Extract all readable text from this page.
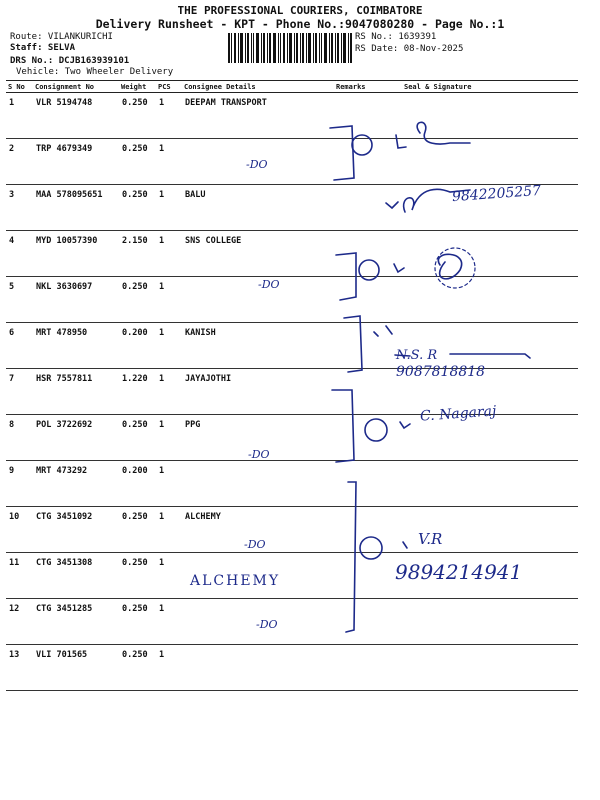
THE PROFESSIONAL COURIERS, COIMBATORE
Delivery Runsheet - KPT - Phone No.:9047080280 - Page No.:1
Route: VILANKURICHI
Staff: SELVA
DRS No.: DCJB163939101
Vehicle: Two Wheeler Delivery
RS No.: 1639391
RS Date: 08-Nov-2025
S No	Consignment No	Weight	PCS	Consignee Details	Remarks	Seal & Signature
1	VLR 5194748	0.250	1	DEEPAM TRANSPORT		
2	TRP 4679349	0.250	1			
3	MAA 578095651	0.250	1	BALU		
4	MYD 10057390	2.150	1	SNS COLLEGE		
5	NKL 3630697	0.250	1			
6	MRT 478950	0.200	1	KANISH		
7	HSR 7557811	1.220	1	JAYAJOTHI		
8	POL 3722692	0.250	1	PPG		
9	MRT 473292	0.200	1			
10	CTG 3451092	0.250	1	ALCHEMY		
11	CTG 3451308	0.250	1			
12	CTG 3451285	0.250	1			
13	VLI 701565	0.250	1			
-DO
9842205257
-DO
N.S. R
9087818818
C. Nagaraj
-DO
V.R
-DO
9894214941
ALCHEMY
-DO
